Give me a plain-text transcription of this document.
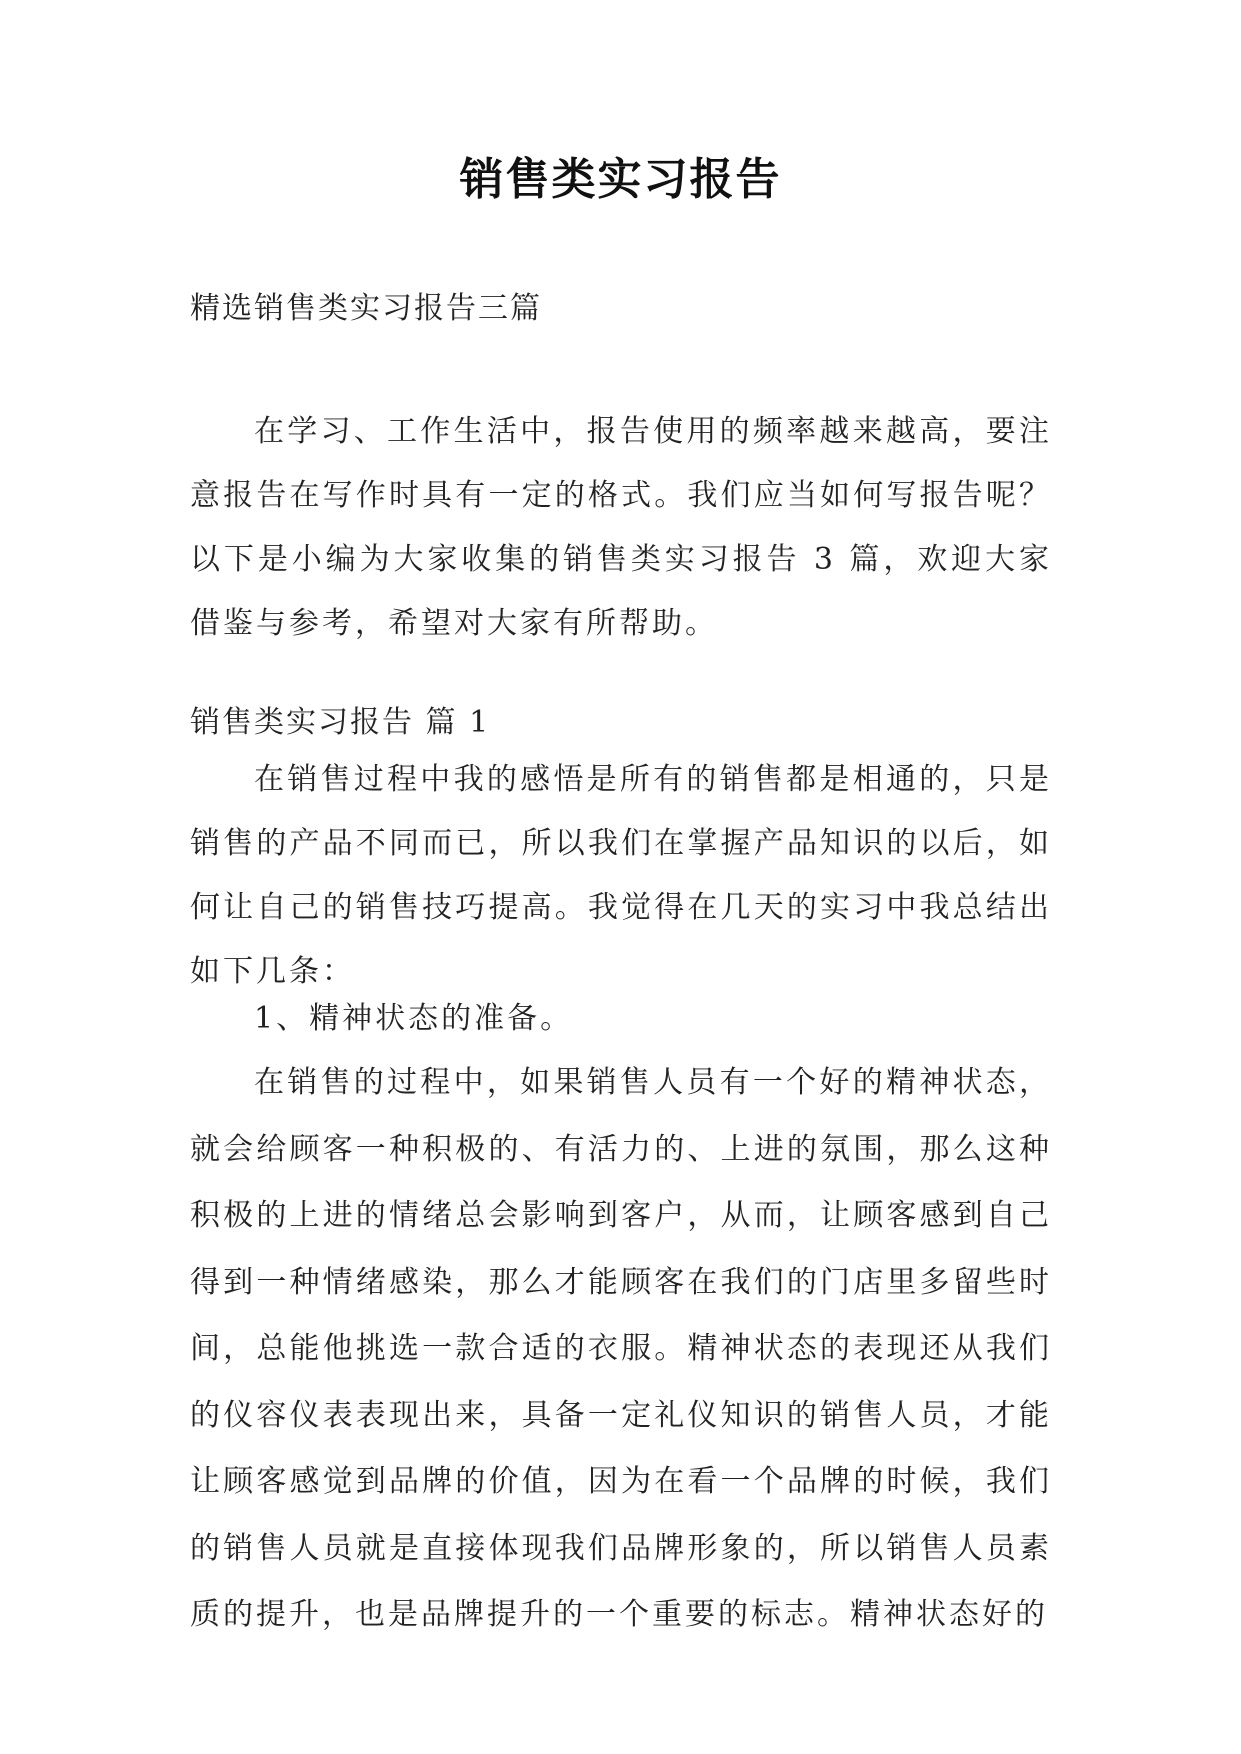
销售类实习报告
精选销售类实习报告三篇
在学习、工作生活中，报告使用的频率越来越高，要注意报告在写作时具有一定的格式。我们应当如何写报告呢？以下是小编为大家收集的销售类实习报告 3 篇，欢迎大家借鉴与参考，希望对大家有所帮助。
销售类实习报告 篇 1
在销售过程中我的感悟是所有的销售都是相通的，只是销售的产品不同而已，所以我们在掌握产品知识的以后，如何让自己的销售技巧提高。我觉得在几天的实习中我总结出如下几条：
1、精神状态的准备。
在销售的过程中，如果销售人员有一个好的精神状态，就会给顾客一种积极的、有活力的、上进的氛围，那么这种积极的上进的情绪总会影响到客户，从而，让顾客感到自己得到一种情绪感染，那么才能顾客在我们的门店里多留些时间，总能他挑选一款合适的衣服。精神状态的表现还从我们的仪容仪表表现出来，具备一定礼仪知识的销售人员，才能让顾客感觉到品牌的价值，因为在看一个品牌的时候，我们的销售人员就是直接体现我们品牌形象的，所以销售人员素质的提升，也是品牌提升的一个重要的标志。精神状态好的
